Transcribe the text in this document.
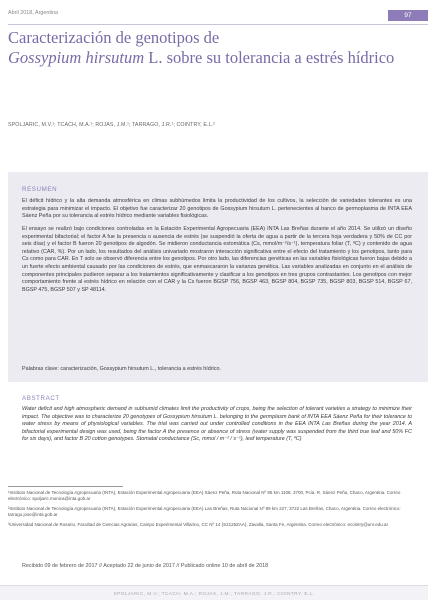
Abril 2018, Argentina	97
Caracterización de genotipos de
Gossypium hirsutum L. sobre su tolerancia a estrés hídrico
SPOLJARIC, M.V.¹; TCACH, M.A.¹; ROJAS, J.M.¹; TARRAGO, J.R.¹; COINTRY, E.L.²
RESUMEN

El déficit hídrico y la alta demanda atmosférica en climas subhúmedos limita la productividad de los cultivos, la selección de variedades tolerantes es una estrategia para minimizar el impacto. El objetivo fue caracterizar 20 genotipos de Gossypium hirsutum L. pertenecientes al banco de germoplasma de INTA EEA Sáenz Peña por su tolerancia al estrés hídrico mediante variables fisiológicas.

El ensayo se realizó bajo condiciones controladas en la Estación Experimental Agropecuaria (EEA) INTA Las Breñas durante el año 2014. Se utilizó un diseño experimental bifactorial; el factor A fue la presencia o ausencia de estrés (se suspendió la oferta de agua a partir de la tercera hoja verdadera y 50% de CC por seis días) y el factor B fueron 20 genotipos de algodón. Se midieron conductancia estomática (Cs, mmol/m⁻²/s⁻¹), temperatura foliar (T, ºC) y contenido de agua relativo (CAR, %). Por un lado, los resultados del análisis univariado mostraron interacción significativa entre el efecto del tratamiento y los genotipos, tanto para Cs como para CAR. En T solo se observó diferencia entre los genotipos. Por otro lado, las diferencias genéticas en las variables fisiológicas fueron bajas debido a un fuerte efecto ambiental causado por las condiciones de estrés, que enmascararon la varianza genética. Las variables analizadas en conjunto en el análisis de componentes principales pudieron separar a los tratamientos significativamente y clasificar a los genotipos en tres grupos contrastantes. Los genotipos con mejor comportamiento frente al estrés hídrico en relación con el CAR y la Cs fueron BGSP 756, BGSP 463, BGSP 804, BGSP 735, BGSP 803, BGSP 514, BGSP 67, BGSP 475, BGSP 507 y SP 48114.

Palabras clave: caracterización, Gossypium hirsutum L., tolerancia a estrés hídrico.

ABSTRACT

Water deficit and high atmospheric demand in subhumid climates limit the productivity of crops, being the selection of tolerant varieties a strategy to minimize their impact. The objective was to characterize 20 genotypes of Gossypium hirsutum L. belonging to the germplasm bank of INTA EEA Sáenz Peña for their tolerance to water stress by means of physiological variables. The trial was carried out under controlled conditions in the EEA INTA Las Breñas during the year 2014. A bifactorial experimental design was used, being the factor A the presence or absence of stress (water supply was suspended from the third true leaf and 50% FC for six days), and factor B 20 cotton genotypes. Stomatal conductance (Sc, mmol / m⁻² / s⁻¹), leaf temperature (T, ºC)

¹Instituto Nacional de Tecnología Agropecuaria (INTA), Estación Experimental Agropecuaria (EEA) Sáenz Peña, Ruta Nacional Nº 95 km 1108, 3700, Pcia. R. Sáenz Peña, Chaco, Argentina. Correo electrónico: spoljaric.monica@inta.gob.ar

²Instituto Nacional de Tecnología Agropecuaria (INTA), Estación Experimental Agropecuaria (EEA) Las Breñas, Ruta Nacional Nº 89 km 227, 3722 Las Breñas, Chaco, Argentina. Correo electrónico: tarrago.jose@inta.gob.ar

³Universidad Nacional de Rosario, Facultad de Ciencias Agrarias, Campo Experimental Villarino, CC Nº 14 (S2125ZAA), Zavalla, Santa Fe, Argentina. Correo electrónico: ecointry@unr.edu.ar

Recibido 09 de febrero de 2017 // Aceptado 22 de junio de 2017 // Publicado online 10 de abril de 2018
SPOLJARIC, M.V.; TCACH, M.A.; ROJAS, J.M.; TARRAGO, J.R.; COINTRY, E.L.
